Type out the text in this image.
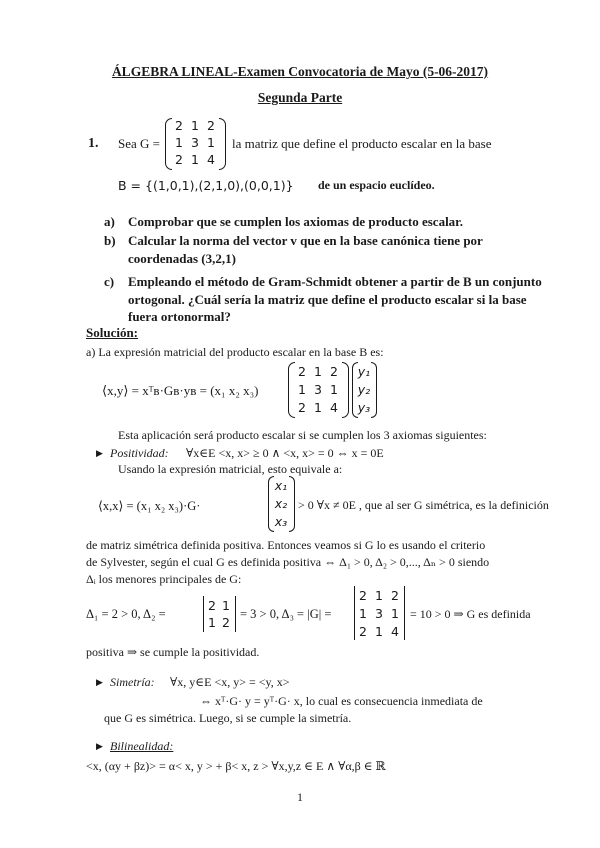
ÁLGEBRA LINEAL-Examen Convocatoria de Mayo (5-06-2017)
Segunda Parte
1. Sea G =
2 1 2
1 3 1
2 1 4
la matriz que define el producto escalar en la base
B = {(1,0,1),(2,1,0),(0,0,1)} de un espacio euclídeo.
a) Comprobar que se cumplen los axiomas de producto escalar.
b) Calcular la norma del vector v que en la base canónica tiene por
coordenadas (3,2,1)
c) Empleando el método de Gram-Schmidt obtener a partir de B un conjunto
ortogonal. ¿Cuál sería la matriz que define el producto escalar si la base
fuera ortonormal?
Solución:
a) La expresión matricial del producto escalar en la base B es:
⟨x,y⟩ = xᵀʙ·Gʙ·yʙ = (x₁ x₂ x₃)
2 1 2
1 3 1
2 1 4
y₁
y₂
y₃
Esta aplicación será producto escalar si se cumplen los 3 axiomas siguientes:
▶ Positividad: ∀x∈E <x, x> ≥ 0 ∧ <x, x> = 0 ⇔ x = 0E
Usando la expresión matricial, esto equivale a:
⟨x,x⟩ = (x₁ x₂ x₃)·G·
x₁
x₂
x₃
> 0 ∀x ≠ 0E , que al ser G simétrica, es la definición
de matriz simétrica definida positiva. Entonces veamos si G lo es usando el criterio
de Sylvester, según el cual G es definida positiva ⇔ Δ₁ > 0, Δ₂ > 0,..., Δₙ > 0 siendo
Δᵢ los menores principales de G:
Δ₁ = 2 > 0, Δ₂ =
2 1
1 2
= 3 > 0, Δ₃ = |G| =
2 1 2
1 3 1
2 1 4
= 10 > 0 ⇒ G es definida
positiva ⇒ se cumple la positividad.
▶ Simetría: ∀x, y∈E <x, y> = <y, x>
⇔ xᵀ·G· y = yᵀ·G· x, lo cual es consecuencia inmediata de
que G es simétrica. Luego, si se cumple la simetría.
▶ Bilinealidad:
<x, (αy + βz)> = α< x, y > + β< x, z > ∀x,y,z ∈ E ∧ ∀α,β ∈ ℝ
1
